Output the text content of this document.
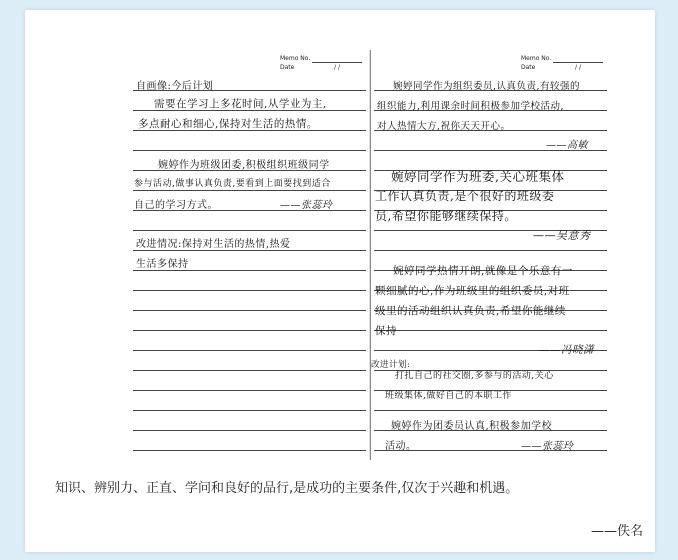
Memo No.
Date	/ /
自画像:今后计划
需要在学习上多花时间,从学业为主,
多点耐心和细心,保持对生活的热情。
婉婷作为班级团委,积极组织班级同学
参与活动,做事认真负责,要看到上面要找到适合
自己的学习方式。	——张蕊玲
改进情况:保持对生活的热情,热爱
生活多保持
Memo No.
Date	/ /
婉婷同学作为组织委员,认真负责,有较强的
组织能力,利用课余时间积极参加学校活动,
对人热情大方,祝你天天开心。
——高敏
婉婷同学作为班委,关心班集体
工作认真负责,是个很好的班级委
员,希望你能够继续保持。
——吴意秀
婉婷同学热情开朗,就像是个乐意有一
颗细腻的心,作为班级里的组织委员,对班
级里的活动组织认真负责,希望你能继续
保持
——冯晓潇
改进计划:
打扎自己的社交圈,多参与的活动,关心
班级集体,做好自己的本职工作
婉婷作为团委员认真,积极参加学校
活动。	——张蕊玲
知识、辨别力、正直、学问和良好的品行,是成功的主要条件,仅次于兴趣和机遇。
——佚名
